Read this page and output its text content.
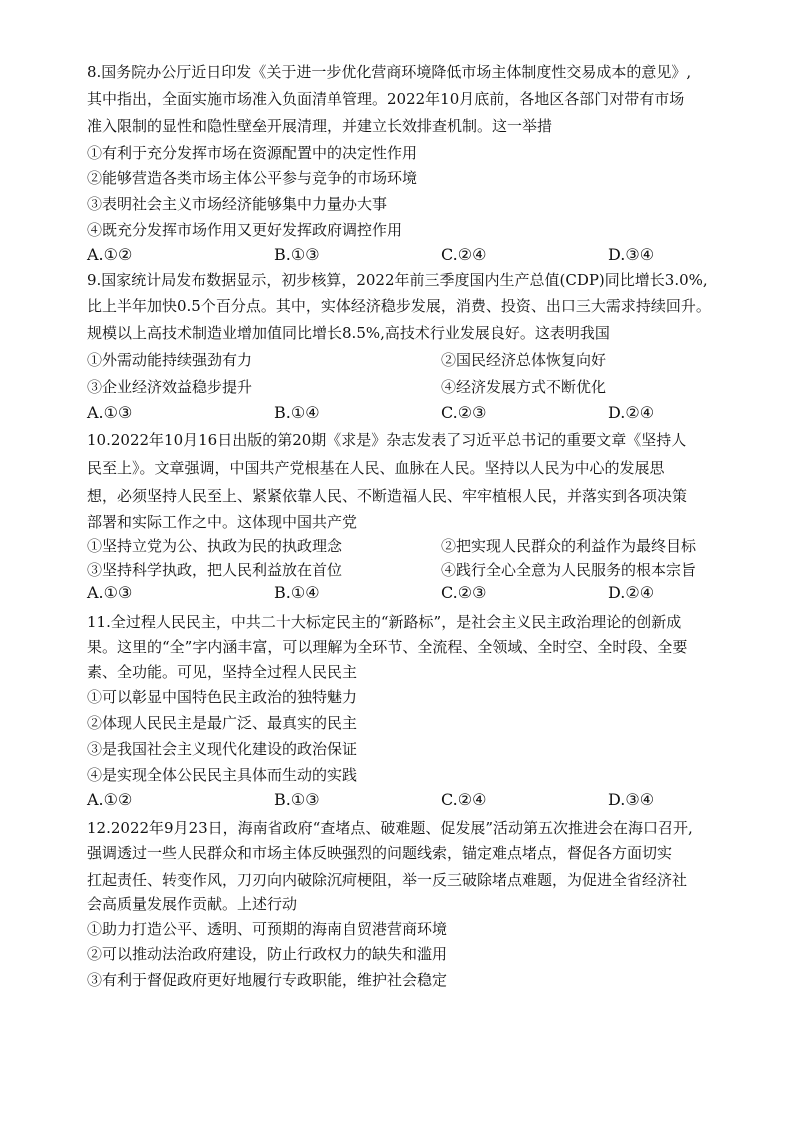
8.国务院办公厅近日印发《关于进一步优化营商环境降低市场主体制度性交易成本的意见》,
其中指出，全面实施市场准入负面清单管理。2022年10月底前，各地区各部门对带有市场
准入限制的显性和隐性壁垒开展清理，并建立长效排查机制。这一举措
①有利于充分发挥市场在资源配置中的决定性作用
②能够营造各类市场主体公平参与竞争的市场环境
③表明社会主义市场经济能够集中力量办大事
④既充分发挥市场作用又更好发挥政府调控作用
A.①②	B.①③	C.②④	D.③④
9.国家统计局发布数据显示，初步核算，2022年前三季度国内生产总值(CDP)同比增长3.0%,
比上半年加快0.5个百分点。其中，实体经济稳步发展，消费、投资、出口三大需求持续回升。
规模以上高技术制造业增加值同比增长8.5%,高技术行业发展良好。这表明我国
①外需动能持续强劲有力	②国民经济总体恢复向好
③企业经济效益稳步提升	④经济发展方式不断优化
A.①③	B.①④	C.②③	D.②④
10.2022年10月16日出版的第20期《求是》杂志发表了习近平总书记的重要文章《坚持人
民至上》。文章强调，中国共产党根基在人民、血脉在人民。坚持以人民为中心的发展思
想，必须坚持人民至上、紧紧依靠人民、不断造福人民、牢牢植根人民，并落实到各项决策
部署和实际工作之中。这体现中国共产党
①坚持立党为公、执政为民的执政理念	②把实现人民群众的利益作为最终目标
③坚持科学执政，把人民利益放在首位	④践行全心全意为人民服务的根本宗旨
A.①③	B.①④	C.②③	D.②④
11.全过程人民民主，中共二十大标定民主的“新路标”，是社会主义民主政治理论的创新成
果。这里的“全”字内涵丰富，可以理解为全环节、全流程、全领域、全时空、全时段、全要
素、全功能。可见，坚持全过程人民民主
①可以彰显中国特色民主政治的独特魅力
②体现人民民主是最广泛、最真实的民主
③是我国社会主义现代化建设的政治保证
④是实现全体公民民主具体而生动的实践
A.①②	B.①③	C.②④	D.③④
12.2022年9月23日，海南省政府“查堵点、破难题、促发展”活动第五次推进会在海口召开,
强调透过一些人民群众和市场主体反映强烈的问题线索，锚定难点堵点，督促各方面切实
扛起责任、转变作风，刀刃向内破除沉疴梗阻，举一反三破除堵点难题，为促进全省经济社
会高质量发展作贡献。上述行动
①助力打造公平、透明、可预期的海南自贸港营商环境
②可以推动法治政府建设，防止行政权力的缺失和滥用
③有利于督促政府更好地履行专政职能，维护社会稳定
